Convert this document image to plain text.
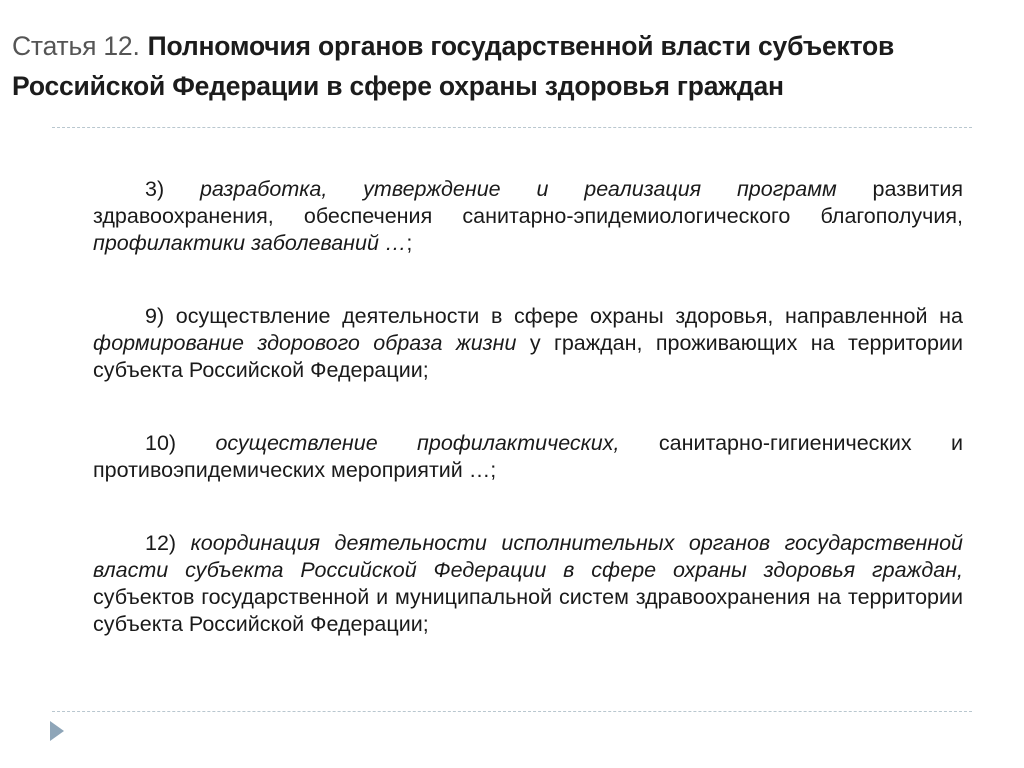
Статья 12. Полномочия органов государственной власти субъектов Российской Федерации в сфере охраны здоровья граждан

3) разработка, утверждение и реализация программ развития здравоохранения, обеспечения санитарно-эпидемиологического благополучия, профилактики заболеваний …;

9) осуществление деятельности в сфере охраны здоровья, направленной на формирование здорового образа жизни у граждан, проживающих на территории субъекта Российской Федерации;

10) осуществление профилактических, санитарно-гигиенических и противоэпидемических мероприятий …;

12) координация деятельности исполнительных органов государственной власти субъекта Российской Федерации в сфере охраны здоровья граждан, субъектов государственной и муниципальной систем здравоохранения на территории субъекта Российской Федерации;
